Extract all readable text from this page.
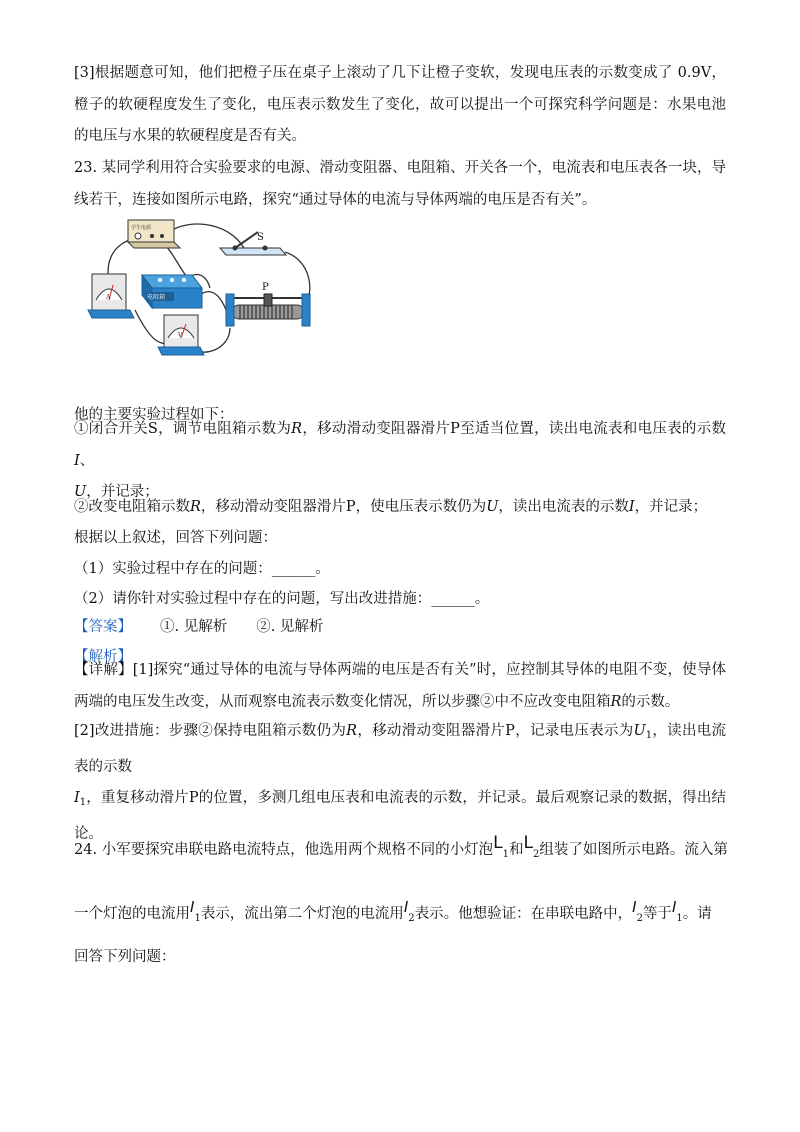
[3]根据题意可知，他们把橙子压在桌子上滚动了几下让橙子变软，发现电压表的示数变成了 0.9V，橙子的软硬程度发生了变化，电压表示数发生了变化，故可以提出一个可探究科学问题是：水果电池的电压与水果的软硬程度是否有关。

23. 某同学利用符合实验要求的电源、滑动变阻器、电阻箱、开关各一个，电流表和电压表各一块，导线若干，连接如图所示电路，探究“通过导体的电流与导体两端的电压是否有关”。

学生电源
S
A	电阻箱
V
P

他的主要实验过程如下：

①闭合开关S，调节电阻箱示数为R，移动滑动变阻器滑片P至适当位置，读出电流表和电压表的示数I、
U，并记录；

②改变电阻箱示数R，移动滑动变阻器滑片P，使电压表示数仍为U，读出电流表的示数I，并记录；

根据以上叙述，回答下列问题：

（1）实验过程中存在的问题：______。

（2）请你针对实验过程中存在的问题，写出改进措施：______。

【答案】 ①. 见解析　　②. 见解析

【解析】

【详解】[1]探究“通过导体的电流与导体两端的电压是否有关”时，应控制其导体的电阻不变，使导体两端的电压发生改变，从而观察电流表示数变化情况，所以步骤②中不应改变电阻箱R的示数。

[2]改进措施：步骤②保持电阻箱示数仍为R，移动滑动变阻器滑片P，记录电压表示为$U_1$，读出电流表的示数
$I_1$，重复移动滑片P的位置，多测几组电压表和电流表的示数，并记录。最后观察记录的数据，得出结论。

24. 小军要探究串联电路电流特点，他选用两个规格不同的小灯泡$L_1$和$L_2$组装了如图所示电路。流入第

一个灯泡的电流用$I_1$表示，流出第二个灯泡的电流用$I_2$表示。他想验证：在串联电路中，$I_2$等于$I_1$。请

回答下列问题：
